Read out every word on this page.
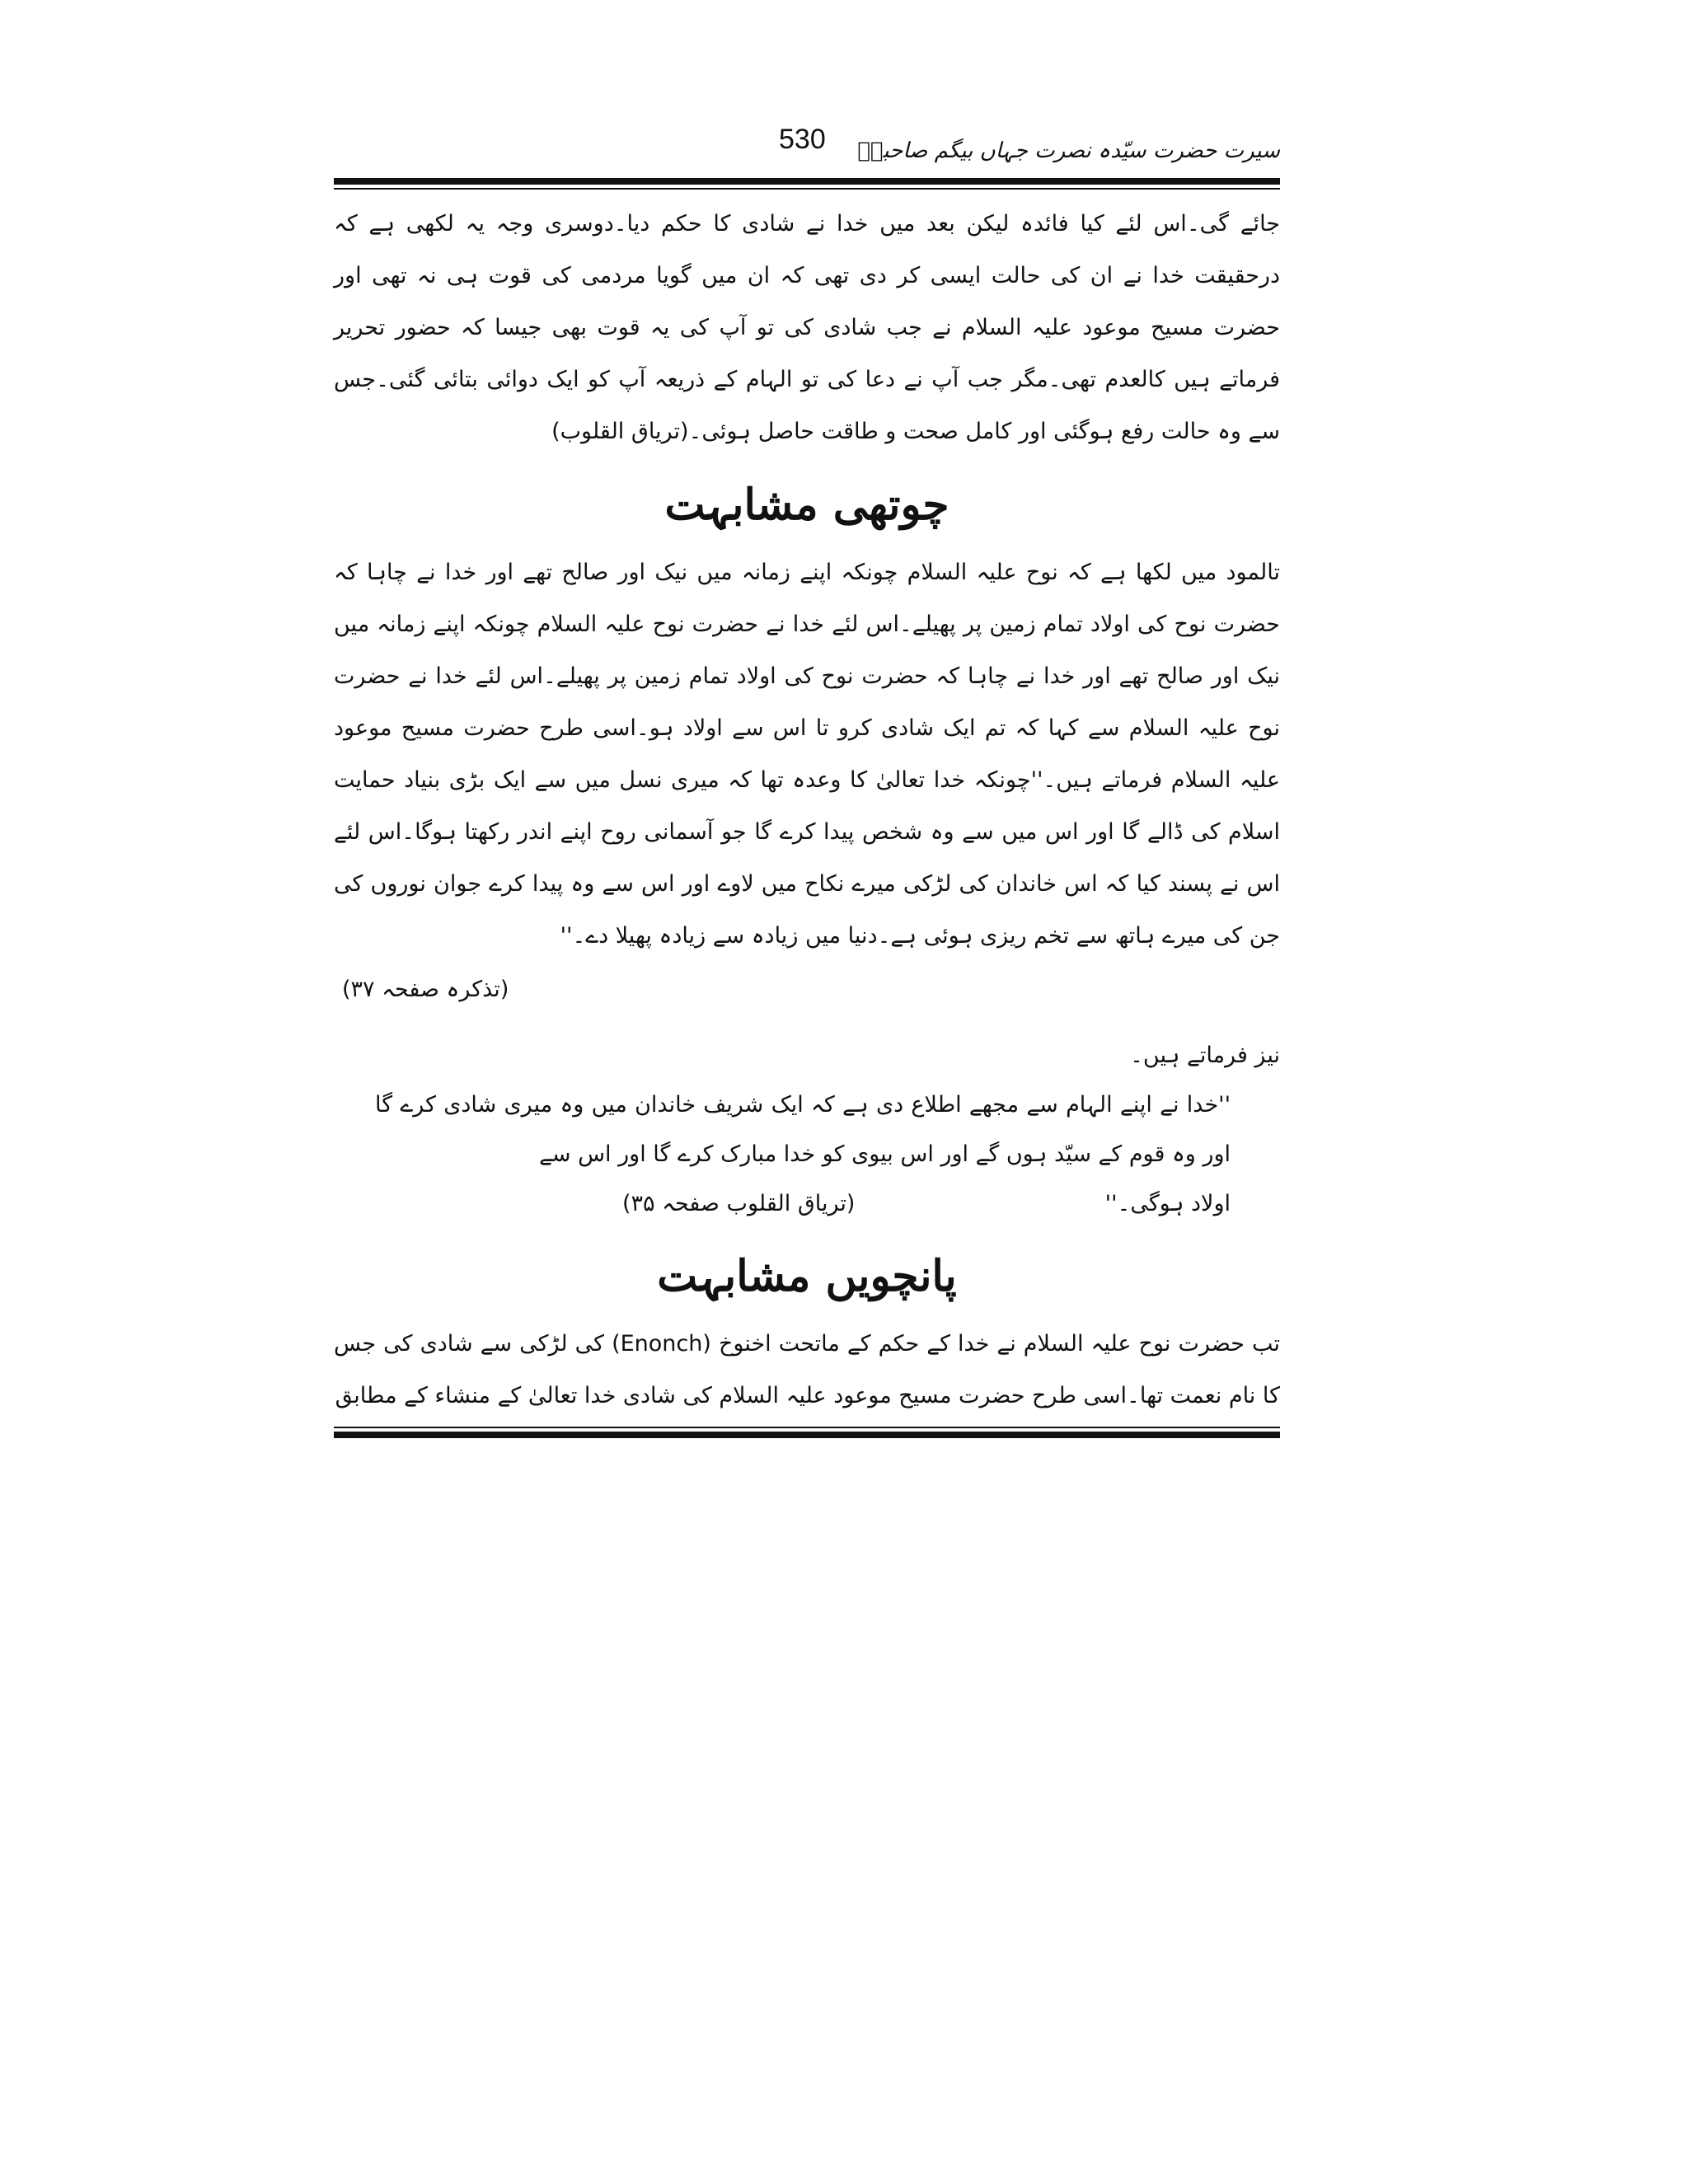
سیرت حضرت سیّدہ نصرت جہاں بیگم صاحبہؓ
530

جائے گی۔اس لئے کیا فائدہ لیکن بعد میں خدا نے شادی کا حکم دیا۔دوسری وجہ یہ لکھی ہے کہ درحقیقت خدا نے ان کی حالت ایسی کر دی تھی کہ ان میں گویا مردمی کی قوت ہی نہ تھی اور حضرت مسیح موعود علیہ السلام نے جب شادی کی تو آپ کی یہ قوت بھی جیسا کہ حضور تحریر فرماتے ہیں کالعدم تھی۔مگر جب آپ نے دعا کی تو الہام کے ذریعہ آپ کو ایک دوائی بتائی گئی۔جس سے وہ حالت رفع ہوگئی اور کامل صحت و طاقت حاصل ہوئی۔(تریاق القلوب)

چوتھی مشابہت

تالمود میں لکھا ہے کہ نوح علیہ السلام چونکہ اپنے زمانہ میں نیک اور صالح تھے اور خدا نے چاہا کہ حضرت نوح کی اولاد تمام زمین پر پھیلے۔اس لئے خدا نے حضرت نوح علیہ السلام چونکہ اپنے زمانہ میں نیک اور صالح تھے اور خدا نے چاہا کہ حضرت نوح کی اولاد تمام زمین پر پھیلے۔اس لئے خدا نے حضرت نوح علیہ السلام سے کہا کہ تم ایک شادی کرو تا اس سے اولاد ہو۔اسی طرح حضرت مسیح موعود علیہ السلام فرماتے ہیں۔''چونکہ خدا تعالیٰ کا وعدہ تھا کہ میری نسل میں سے ایک بڑی بنیاد حمایت اسلام کی ڈالے گا اور اس میں سے وہ شخص پیدا کرے گا جو آسمانی روح اپنے اندر رکھتا ہوگا۔اس لئے اس نے پسند کیا کہ اس خاندان کی لڑکی میرے نکاح میں لاوے اور اس سے وہ پیدا کرے جوان نوروں کی جن کی میرے ہاتھ سے تخم ریزی ہوئی ہے۔دنیا میں زیادہ سے زیادہ پھیلا دے۔''

(تذکرہ صفحہ ۳۷)
نیز فرماتے ہیں۔

''خدا نے اپنے الہام سے مجھے اطلاع دی ہے کہ ایک شریف خاندان میں وہ میری شادی کرے گا اور وہ قوم کے سیّد ہوں گے اور اس بیوی کو خدا مبارک کرے گا اور اس سے

اولاد ہوگی۔''
(تریاق القلوب صفحہ ۳۵)
پانچویں مشابہت

تب حضرت نوح علیہ السلام نے خدا کے حکم کے ماتحت اخنوخ (Enonch) کی لڑکی سے شادی کی جس کا نام نعمت تھا۔اسی طرح حضرت مسیح موعود علیہ السلام کی شادی خدا تعالیٰ کے منشاء کے مطابق
